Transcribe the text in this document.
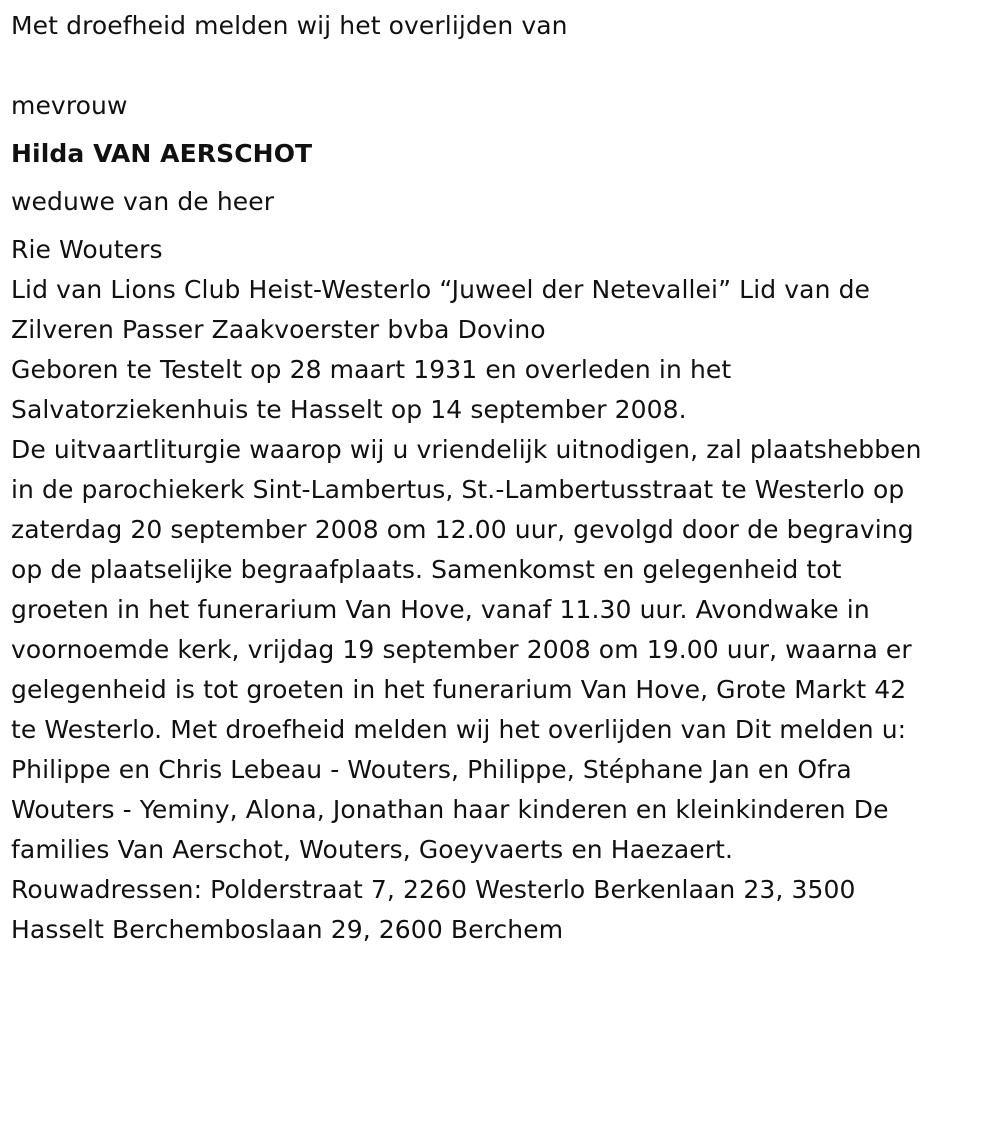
Met droefheid melden wij het overlijden van

mevrouw

Hilda VAN AERSCHOT

weduwe van de heer

Rie Wouters

Lid van Lions Club Heist-Westerlo “Juweel der Netevallei” Lid van de
Zilveren Passer Zaakvoerster bvba Dovino

Geboren te Testelt op 28 maart 1931 en overleden in het
Salvatorziekenhuis te Hasselt op 14 september 2008.

De uitvaartliturgie waarop wij u vriendelijk uitnodigen, zal plaatshebben
in de parochiekerk Sint-Lambertus, St.-Lambertusstraat te Westerlo op
zaterdag 20 september 2008 om 12.00 uur, gevolgd door de begraving
op de plaatselijke begraafplaats. Samenkomst en gelegenheid tot
groeten in het funerarium Van Hove, vanaf 11.30 uur. Avondwake in
voornoemde kerk, vrijdag 19 september 2008 om 19.00 uur, waarna er
gelegenheid is tot groeten in het funerarium Van Hove, Grote Markt 42
te Westerlo. Met droefheid melden wij het overlijden van Dit melden u:
Philippe en Chris Lebeau - Wouters, Philippe, Stéphane Jan en Ofra
Wouters - Yeminy, Alona, Jonathan haar kinderen en kleinkinderen De
families Van Aerschot, Wouters, Goeyvaerts en Haezaert.

Rouwadressen: Polderstraat 7, 2260 Westerlo Berkenlaan 23, 3500
Hasselt Berchemboslaan 29, 2600 Berchem
